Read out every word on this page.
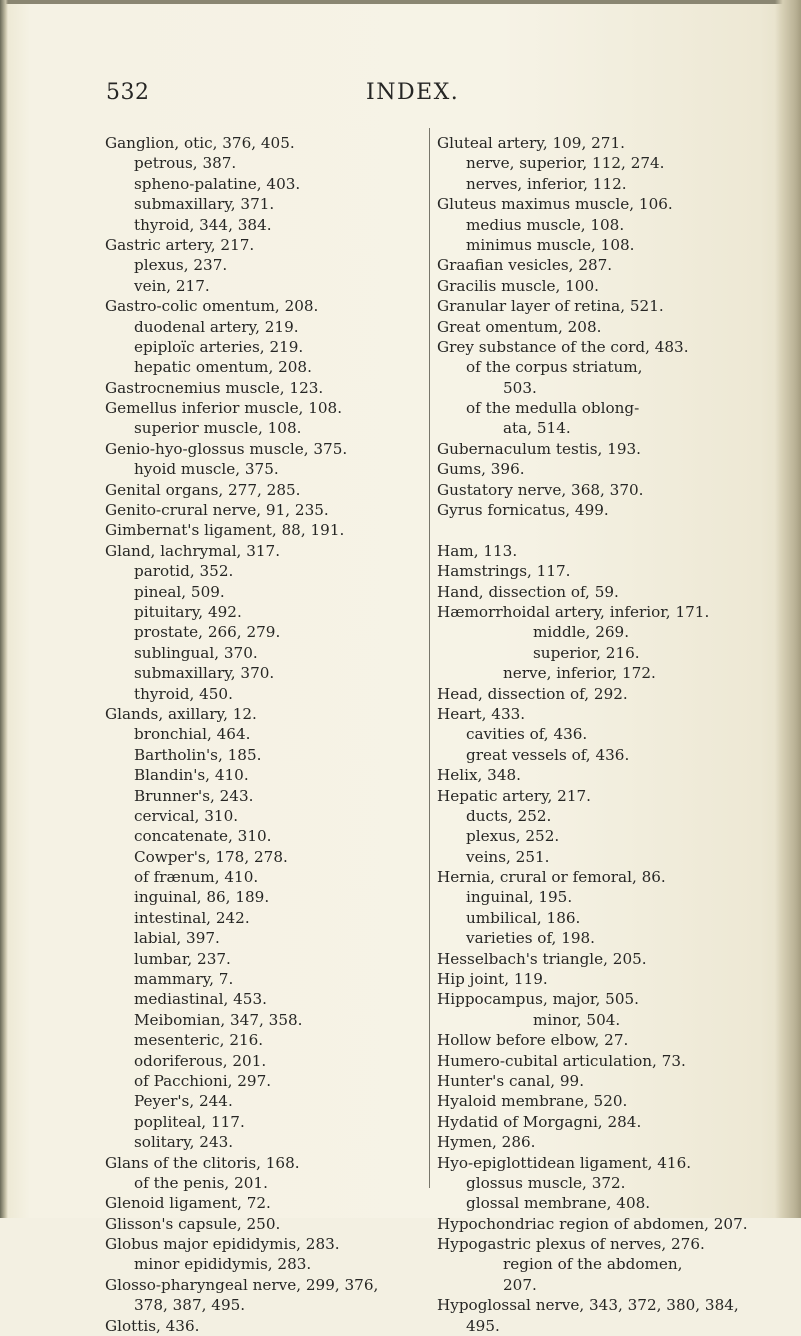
532	INDEX.
Ganglion, otic, 376, 405.
petrous, 387.
spheno-palatine, 403.
submaxillary, 371.
thyroid, 344, 384.
Gastric artery, 217.
plexus, 237.
vein, 217.
Gastro-colic omentum, 208.
duodenal artery, 219.
epiploïc arteries, 219.
hepatic omentum, 208.
Gastrocnemius muscle, 123.
Gemellus inferior muscle, 108.
superior muscle, 108.
Genio-hyo-glossus muscle, 375.
hyoid muscle, 375.
Genital organs, 277, 285.
Genito-crural nerve, 91, 235.
Gimbernat's ligament, 88, 191.
Gland, lachrymal, 317.
parotid, 352.
pineal, 509.
pituitary, 492.
prostate, 266, 279.
sublingual, 370.
submaxillary, 370.
thyroid, 450.
Glands, axillary, 12.
bronchial, 464.
Bartholin's, 185.
Blandin's, 410.
Brunner's, 243.
cervical, 310.
concatenate, 310.
Cowper's, 178, 278.
of frænum, 410.
inguinal, 86, 189.
intestinal, 242.
labial, 397.
lumbar, 237.
mammary, 7.
mediastinal, 453.
Meibomian, 347, 358.
mesenteric, 216.
odoriferous, 201.
of Pacchioni, 297.
Peyer's, 244.
popliteal, 117.
solitary, 243.
Glans of the clitoris, 168.
of the penis, 201.
Glenoid ligament, 72.
Glisson's capsule, 250.
Globus major epididymis, 283.
minor epididymis, 283.
Glosso-pharyngeal nerve, 299, 376,
378, 387, 495.
Glottis, 436.
Gluteal artery, 109, 271.
nerve, superior, 112, 274.
nerves, inferior, 112.
Gluteus maximus muscle, 106.
medius muscle, 108.
minimus muscle, 108.
Graafian vesicles, 287.
Gracilis muscle, 100.
Granular layer of retina, 521.
Great omentum, 208.
Grey substance of the cord, 483.
of the corpus striatum,
503.
of the medulla oblong-
ata, 514.
Gubernaculum testis, 193.
Gums, 396.
Gustatory nerve, 368, 370.
Gyrus fornicatus, 499.
Ham, 113.
Hamstrings, 117.
Hand, dissection of, 59.
Hæmorrhoidal artery, inferior, 171.
middle, 269.
superior, 216.
nerve, inferior, 172.
Head, dissection of, 292.
Heart, 433.
cavities of, 436.
great vessels of, 436.
Helix, 348.
Hepatic artery, 217.
ducts, 252.
plexus, 252.
veins, 251.
Hernia, crural or femoral, 86.
inguinal, 195.
umbilical, 186.
varieties of, 198.
Hesselbach's triangle, 205.
Hip joint, 119.
Hippocampus, major, 505.
minor, 504.
Hollow before elbow, 27.
Humero-cubital articulation, 73.
Hunter's canal, 99.
Hyaloid membrane, 520.
Hydatid of Morgagni, 284.
Hymen, 286.
Hyo-epiglottidean ligament, 416.
glossus muscle, 372.
glossal membrane, 408.
Hypochondriac region of abdomen, 207.
Hypogastric plexus of nerves, 276.
region of the abdomen,
207.
Hypoglossal nerve, 343, 372, 380, 384,
495.
